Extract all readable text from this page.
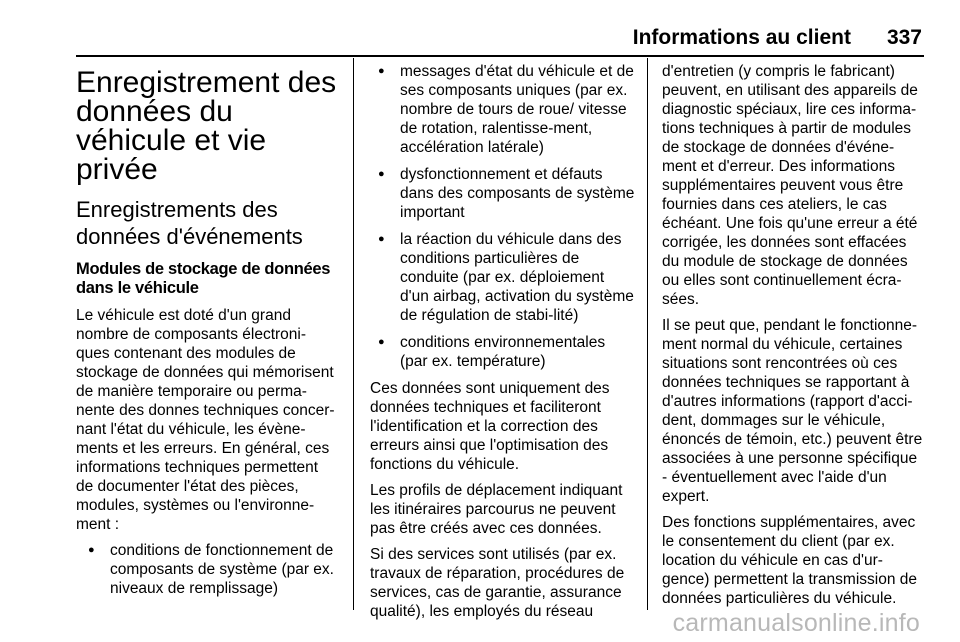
Informations au client 337
Enregistrement des données du véhicule et vie privée
Enregistrements des données d'événements
Modules de stockage de données dans le véhicule

Le véhicule est doté d'un grand nombre de composants électroni-ques contenant des modules de stockage de données qui mémorisent de manière temporaire ou perma-nente des donnes techniques concer-nant l'état du véhicule, les évène-ments et les erreurs. En général, ces informations techniques permettent de documenter l'état des pièces, modules, systèmes ou l'environne-ment :

● conditions de fonctionnement de composants de système (par ex. niveaux de remplissage)
● messages d'état du véhicule et de ses composants uniques (par ex. nombre de tours de roue/ vitesse de rotation, ralentisse-ment, accélération latérale)
● dysfonctionnement et défauts dans des composants de système important
● la réaction du véhicule dans des conditions particulières de conduite (par ex. déploiement d'un airbag, activation du système de régulation de stabi-lité)
● conditions environnementales (par ex. température)

Ces données sont uniquement des données techniques et faciliteront l'identification et la correction des erreurs ainsi que l'optimisation des fonctions du véhicule.

Les profils de déplacement indiquant les itinéraires parcourus ne peuvent pas être créés avec ces données.

Si des services sont utilisés (par ex. travaux de réparation, procédures de services, cas de garantie, assurance qualité), les employés du réseau

d'entretien (y compris le fabricant) peuvent, en utilisant des appareils de diagnostic spéciaux, lire ces informa-tions techniques à partir de modules de stockage de données d'événe-ment et d'erreur. Des informations supplémentaires peuvent vous être fournies dans ces ateliers, le cas échéant. Une fois qu'une erreur a été corrigée, les données sont effacées du module de stockage de données ou elles sont continuellement écra-sées.

Il se peut que, pendant le fonctionne-ment normal du véhicule, certaines situations sont rencontrées où ces données techniques se rapportant à d'autres informations (rapport d'acci-dent, dommages sur le véhicule, énoncés de témoin, etc.) peuvent être associées à une personne spécifique - éventuellement avec l'aide d'un expert.

Des fonctions supplémentaires, avec le consentement du client (par ex. location du véhicule en cas d'ur-gence) permettent la transmission de données particulières du véhicule.

carmanualsonline.info
